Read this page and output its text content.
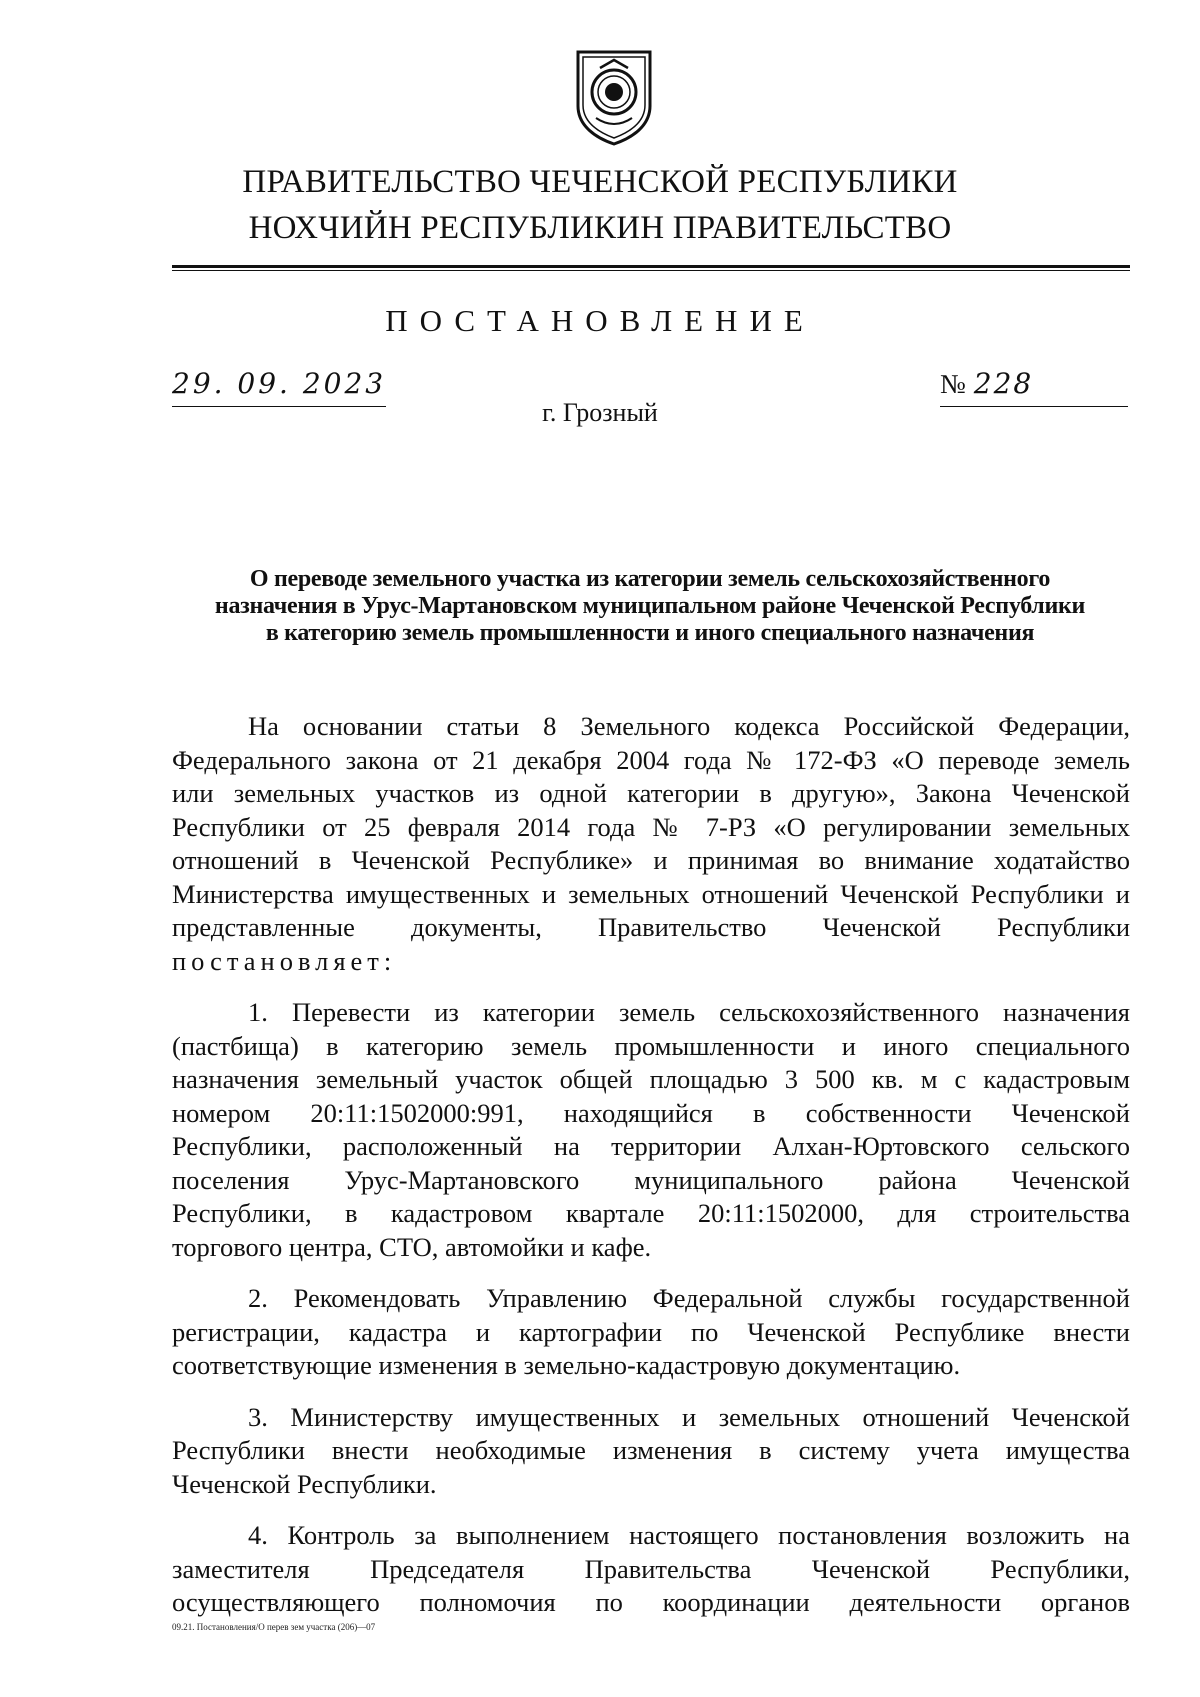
ПРАВИТЕЛЬСТВО ЧЕЧЕНСКОЙ РЕСПУБЛИКИ
НОХЧИЙН РЕСПУБЛИКИН ПРАВИТЕЛЬСТВО
ПОСТАНОВЛЕНИЕ
29. 09. 2023	№ 228
г. Грозный
О переводе земельного участка из категории земель сельскохозяйственного
назначения в Урус-Мартановском муниципальном районе Чеченской Республики
в категорию земель промышленности и иного специального назначения
На основании статьи 8 Земельного кодекса Российской Федерации,
Федерального закона от 21 декабря 2004 года № 172-ФЗ «О переводе земель
или земельных участков из одной категории в другую», Закона Чеченской
Республики от 25 февраля 2014 года № 7-РЗ «О регулировании земельных
отношений в Чеченской Республике» и принимая во внимание ходатайство
Министерства имущественных и земельных отношений Чеченской Республики и
представленные документы, Правительство Чеченской Республики
постановляет:
1. Перевести из категории земель сельскохозяйственного назначения
(пастбища) в категорию земель промышленности и иного специального
назначения земельный участок общей площадью 3 500 кв. м с кадастровым
номером 20:11:1502000:991, находящийся в собственности Чеченской
Республики, расположенный на территории Алхан-Юртовского сельского
поселения Урус-Мартановского муниципального района Чеченской
Республики, в кадастровом квартале 20:11:1502000, для строительства
торгового центра, СТО, автомойки и кафе.
2. Рекомендовать Управлению Федеральной службы государственной
регистрации, кадастра и картографии по Чеченской Республике внести
соответствующие изменения в земельно-кадастровую документацию.
3. Министерству имущественных и земельных отношений Чеченской
Республики внести необходимые изменения в систему учета имущества
Чеченской Республики.
4. Контроль за выполнением настоящего постановления возложить на
заместителя Председателя Правительства Чеченской Республики,
осуществляющего полномочия по координации деятельности органов
09.21. Постановления/О перев зем участка (206)—07
